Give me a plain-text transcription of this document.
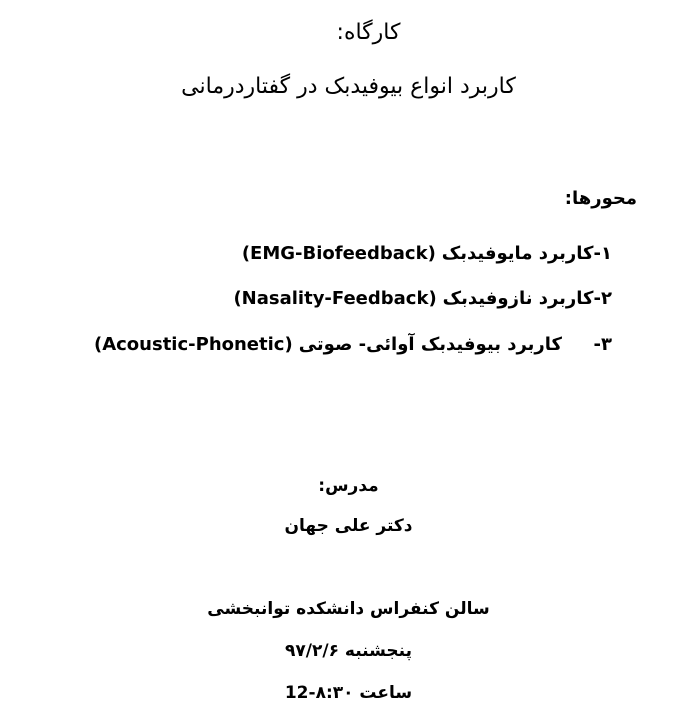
کارگاه:
کاربرد انواع بیوفیدبک در گفتاردرمانی
محورها:
۱-
کاربرد مایوفیدبک
(EMG-Biofeedback)
۲-
کاربرد نازوفیدبک
(Nasality-Feedback)
۳-
کاربرد بیوفیدبک آوائی- صوتی
(Acoustic-Phonetic)
مدرس:
دکتر علی جهان
سالن کنفراس دانشکده توانبخشی
پنجشنبه ۹۷/۲/۶
ساعت ۸:۳۰-12
